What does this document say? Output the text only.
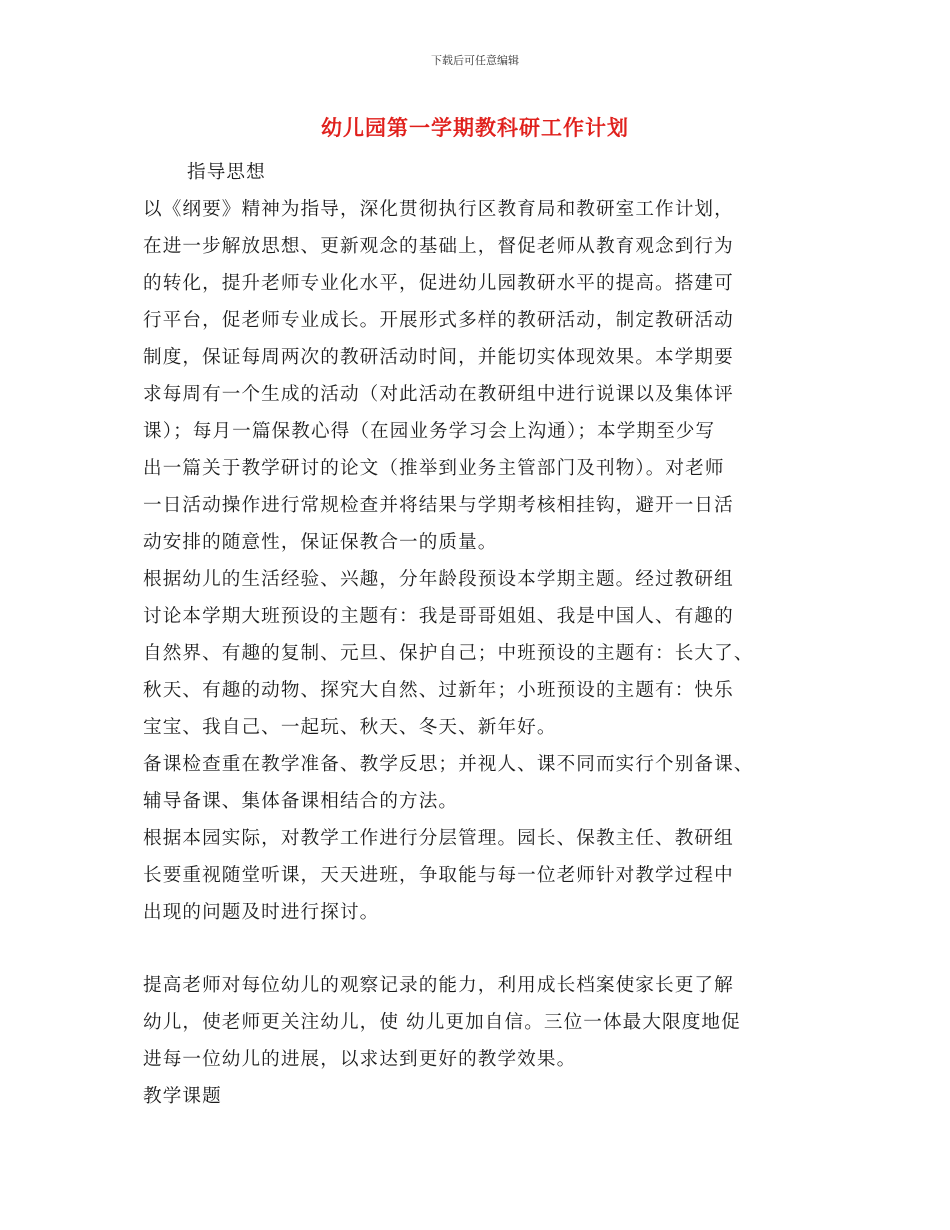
下载后可任意编辑
幼儿园第一学期教科研工作计划
指导思想
以《纲要》精神为指导，深化贯彻执行区教育局和教研室工作计划，
在进一步解放思想、更新观念的基础上，督促老师从教育观念到行为
的转化，提升老师专业化水平，促进幼儿园教研水平的提高。搭建可
行平台，促老师专业成长。开展形式多样的教研活动，制定教研活动
制度，保证每周两次的教研活动时间，并能切实体现效果。本学期要
求每周有一个生成的活动（对此活动在教研组中进行说课以及集体评
课）；每月一篇保教心得（在园业务学习会上沟通）；本学期至少写
出一篇关于教学研讨的论文（推举到业务主管部门及刊物）。对老师
一日活动操作进行常规检查并将结果与学期考核相挂钩，避开一日活
动安排的随意性，保证保教合一的质量。
根据幼儿的生活经验、兴趣，分年龄段预设本学期主题。经过教研组
讨论本学期大班预设的主题有：我是哥哥姐姐、我是中国人、有趣的
自然界、有趣的复制、元旦、保护自己；中班预设的主题有：长大了、
秋天、有趣的动物、探究大自然、过新年；小班预设的主题有：快乐
宝宝、我自己、一起玩、秋天、冬天、新年好。
备课检查重在教学准备、教学反思；并视人、课不同而实行个别备课、
辅导备课、集体备课相结合的方法。
根据本园实际，对教学工作进行分层管理。园长、保教主任、教研组
长要重视随堂听课，天天进班，争取能与每一位老师针对教学过程中
出现的问题及时进行探讨。
提高老师对每位幼儿的观察记录的能力，利用成长档案使家长更了解
幼儿，使老师更关注幼儿，使 幼儿更加自信。三位一体最大限度地促
进每一位幼儿的进展，以求达到更好的教学效果。
教学课题
